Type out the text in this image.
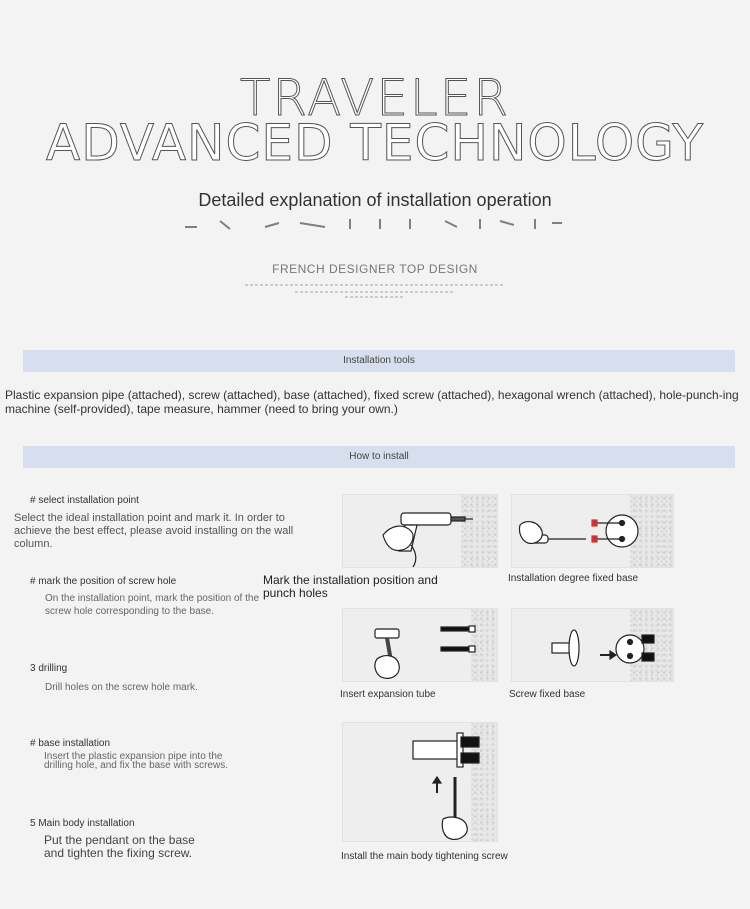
TRAVELER
ADVANCED TECHNOLOGY
Detailed explanation of installation operation
FRENCH DESIGNER TOP DESIGN
Installation tools
Plastic expansion pipe (attached), screw (attached), base (attached), fixed screw (attached), hexagonal wrench (attached), hole-punch-ing machine (self-provided), tape measure, hammer (need to bring your own.)
How to install
# select installation point
Select the ideal installation point and mark it. In order to achieve the best effect, please avoid installing on the wall column.
# mark the position of screw hole
On the installation point, mark the position of the screw hole corresponding to the base.
3 drilling
Drill holes on the screw hole mark.
# base installation
Insert the plastic expansion pipe into the drilling hole, and fix the base with screws.
5 Main body installation
Put the pendant on the base and tighten the fixing screw.
Mark the installation position and punch holes
Installation degree fixed base
Insert expansion tube	Screw fixed base
Install the main body tightening screw
